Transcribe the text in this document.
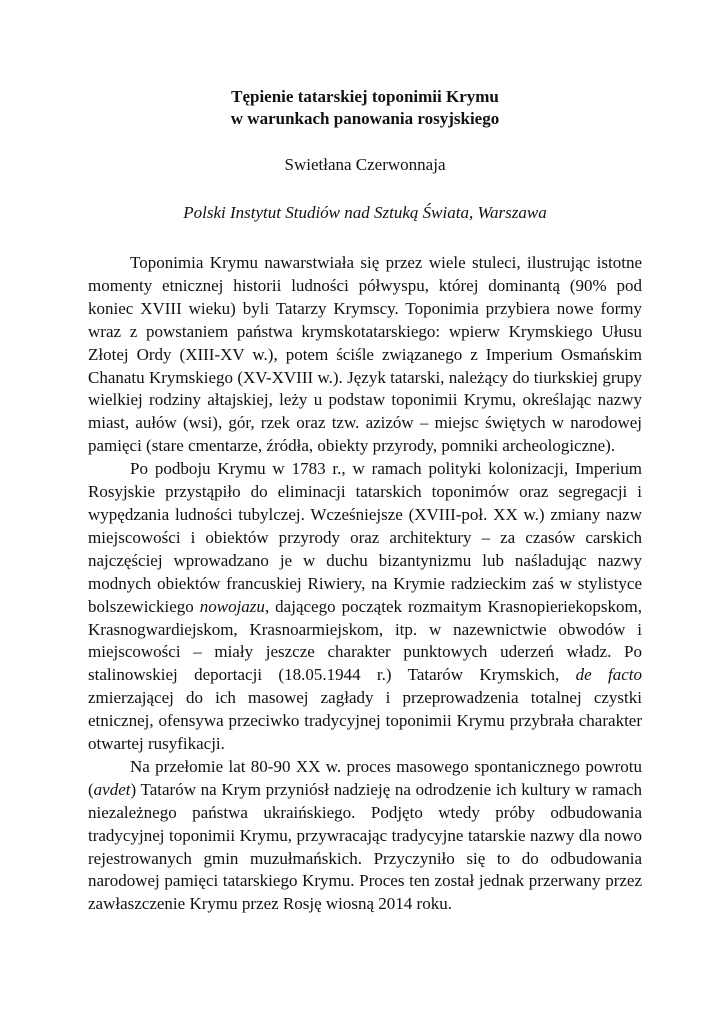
Tępienie tatarskiej toponimii Krymu
w warunkach panowania rosyjskiego

Swietłana Czerwonnaja

Polski Instytut Studiów nad Sztuką Świata, Warszawa

Toponimia Krymu nawarstwiała się przez wiele stuleci, ilustrując istotne momenty etnicznej historii ludności półwyspu, której dominantą (90% pod koniec XVIII wieku) byli Tatarzy Krymscy. Toponimia przybiera nowe formy wraz z powstaniem państwa krymskotatarskiego: wpierw Krymskiego Ułusu Złotej Ordy (XIII-XV w.), potem ściśle związanego z Imperium Osmańskim Chanatu Krymskiego (XV-XVIII w.). Język tatarski, należący do tiurkskiej grupy wielkiej rodziny ałtajskiej, leży u podstaw toponimii Krymu, określając nazwy miast, aułów (wsi), gór, rzek oraz tzw. azizów – miejsc świętych w narodowej pamięci (stare cmentarze, źródła, obiekty przyrody, pomniki archeologiczne).

Po podboju Krymu w 1783 r., w ramach polityki kolonizacji, Imperium Rosyjskie przystąpiło do eliminacji tatarskich toponimów oraz segregacji i wypędzania ludności tubylczej. Wcześniejsze (XVIII-poł. XX w.) zmiany nazw miejscowości i obiektów przyrody oraz architektury – za czasów carskich najczęściej wprowadzano je w duchu bizantynizmu lub naśladując nazwy modnych obiektów francuskiej Riwiery, na Krymie radzieckim zaś w stylistyce bolszewickiego nowojazu, dającego początek rozmaitym Krasnopieriekopskom, Krasnogwardiejskom, Krasnoarmiejskom, itp. w nazewnictwie obwodów i miejscowości – miały jeszcze charakter punktowych uderzeń władz. Po stalinowskiej deportacji (18.05.1944 r.) Tatarów Krymskich, de facto zmierzającej do ich masowej zagłady i przeprowadzenia totalnej czystki etnicznej, ofensywa przeciwko tradycyjnej toponimii Krymu przybrała charakter otwartej rusyfikacji.

Na przełomie lat 80-90 XX w. proces masowego spontanicznego powrotu (avdet) Tatarów na Krym przyniósł nadzieję na odrodzenie ich kultury w ramach niezależnego państwa ukraińskiego. Podjęto wtedy próby odbudowania tradycyjnej toponimii Krymu, przywracając tradycyjne tatarskie nazwy dla nowo rejestrowanych gmin muzułmańskich. Przyczyniło się to do odbudowania narodowej pamięci tatarskiego Krymu. Proces ten został jednak przerwany przez zawłaszczenie Krymu przez Rosję wiosną 2014 roku.
